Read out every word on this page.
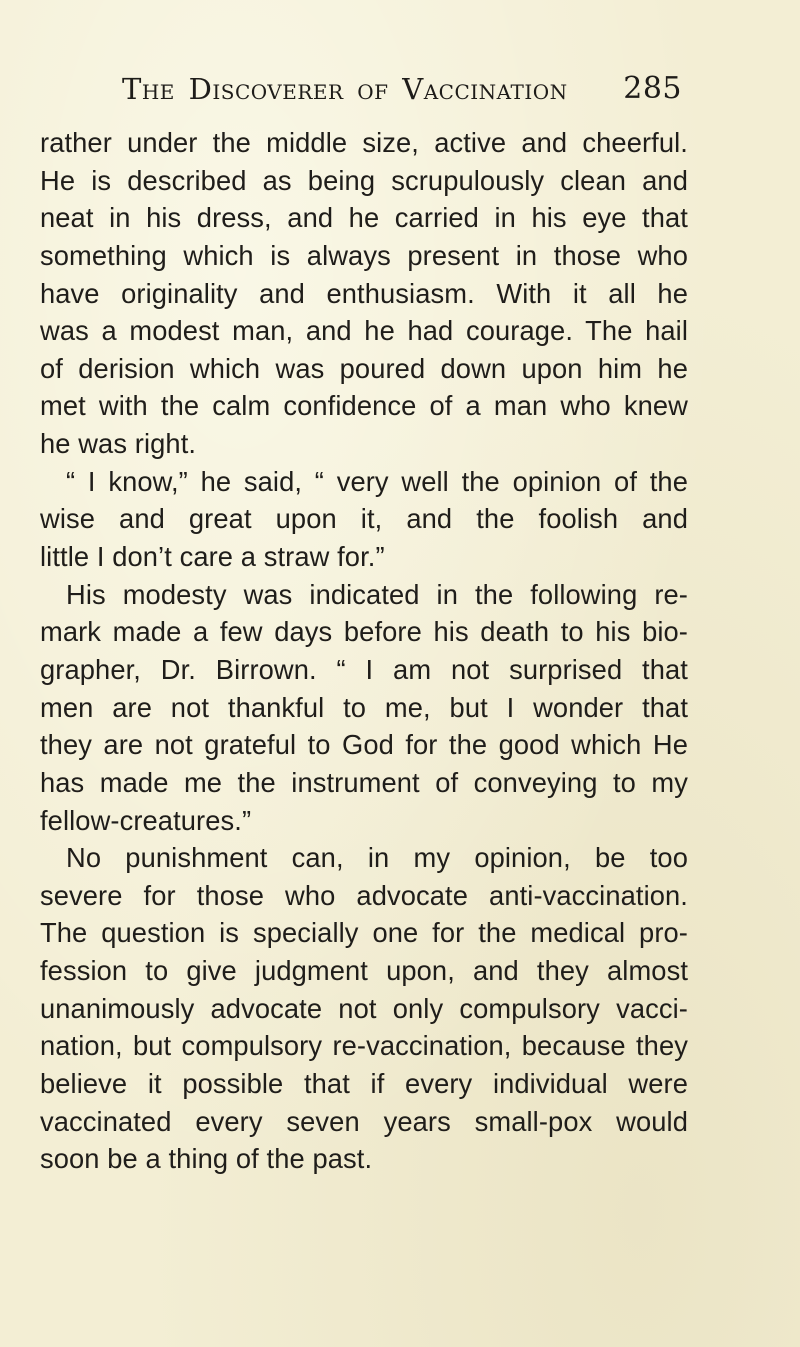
The Discoverer of Vaccination 285
rather under the middle size, active and cheerful.
He is described as being scrupulously clean and
neat in his dress, and he carried in his eye that
something which is always present in those who
have originality and enthusiasm. With it all he
was a modest man, and he had courage. The hail
of derision which was poured down upon him he
met with the calm confidence of a man who knew
he was right.
“ I know,” he said, “ very well the opinion of the
wise and great upon it, and the foolish and
little I don’t care a straw for.”
His modesty was indicated in the following re-
mark made a few days before his death to his bio-
grapher, Dr. Birrown. “ I am not surprised that
men are not thankful to me, but I wonder that
they are not grateful to God for the good which He
has made me the instrument of conveying to my
fellow-creatures.”
No punishment can, in my opinion, be too
severe for those who advocate anti-vaccination.
The question is specially one for the medical pro-
fession to give judgment upon, and they almost
unanimously advocate not only compulsory vacci-
nation, but compulsory re-vaccination, because they
believe it possible that if every individual were
vaccinated every seven years small-pox would
soon be a thing of the past.
